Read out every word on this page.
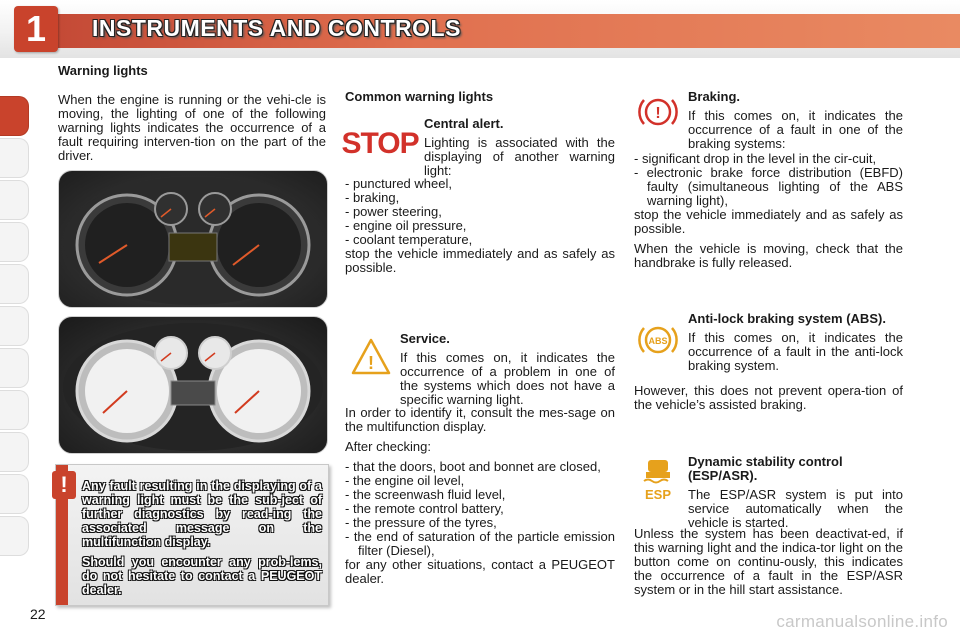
1	INSTRUMENTS AND CONTROLS
Warning lights

When the engine is running or the vehi-cle is moving, the lighting of one of the following warning lights indicates the occurrence of a fault requiring interven-tion on the part of the driver.

!	Any fault resulting in the displaying of a warning light must be the sub-ject of further diagnostics by read-ing the associated message on the multifunction display.

Should you encounter any prob-lems, do not hesitate to contact a PEUGEOT dealer.

Common warning lights
STOP
Central alert.

Lighting is associated with the displaying of another warning light:

- punctured wheel,
- braking,
- power steering,
- engine oil pressure,
- coolant temperature,

stop the vehicle immediately and as safely as possible.

!
Service.

If this comes on, it indicates the occurrence of a problem in one of the systems which does not have a specific warning light.

In order to identify it, consult the mes-sage on the multifunction display.

After checking:

- that the doors, boot and bonnet are closed,
- the engine oil level,
- the screenwash fluid level,
- the remote control battery,
- the pressure of the tyres,
- the end of saturation of the particle emission filter (Diesel),

for any other situations, contact a PEUGEOT dealer.

!
Braking.

If this comes on, it indicates the occurrence of a fault in one of the braking systems:

- significant drop in the level in the cir-cuit,
- electronic brake force distribution (EBFD) faulty (simultaneous lighting of the ABS warning light),

stop the vehicle immediately and as safely as possible.

When the vehicle is moving, check that the handbrake is fully released.

ABS
Anti-lock braking system (ABS).

If this comes on, it indicates the occurrence of a fault in the anti-lock braking system.

However, this does not prevent opera-tion of the vehicle’s assisted braking.

ESP
Dynamic stability control (ESP/ASR).

The ESP/ASR system is put into service automatically when the vehicle is started.

Unless the system has been deactivat-ed, if this warning light and the indica-tor light on the button come on continu-ously, this indicates the occurrence of a fault in the ESP/ASR system or in the hill start assistance.

22	carmanualsonline.info
